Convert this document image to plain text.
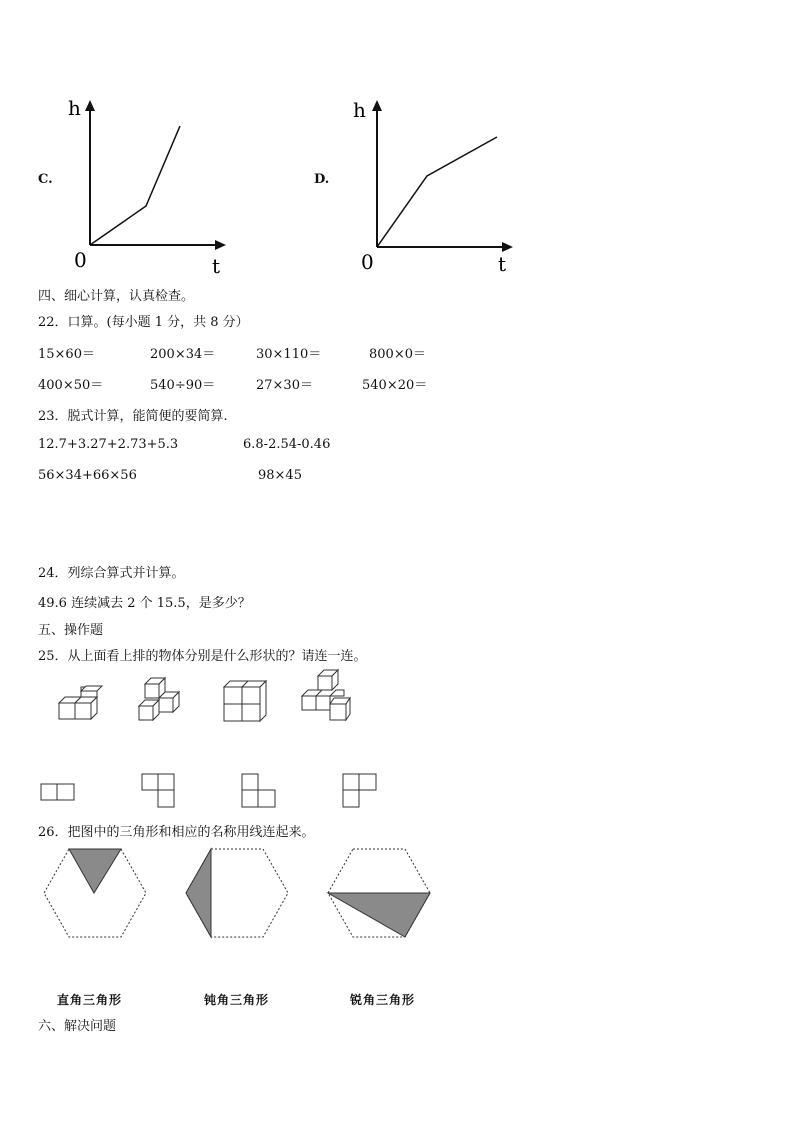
C.
h
t
0
D.
h
t
0
四、细心计算，认真检查。
22．口算。(每小题 1 分，共 8 分）
15×60＝	200×34＝	30×110＝	800×0＝
400×50＝	540÷90＝	27×30＝	540×20＝
23．脱式计算，能简便的要简算.
12.7+3.27+2.73+5.3	6.8-2.54-0.46
56×34+66×56	98×45
24．列综合算式并计算。
49.6 连续减去 2 个 15.5，是多少？
五、操作题
25．从上面看上排的物体分别是什么形状的？请连一连。
26．把图中的三角形和相应的名称用线连起来。
直角三角形	钝角三角形	锐角三角形
六、解决问题
